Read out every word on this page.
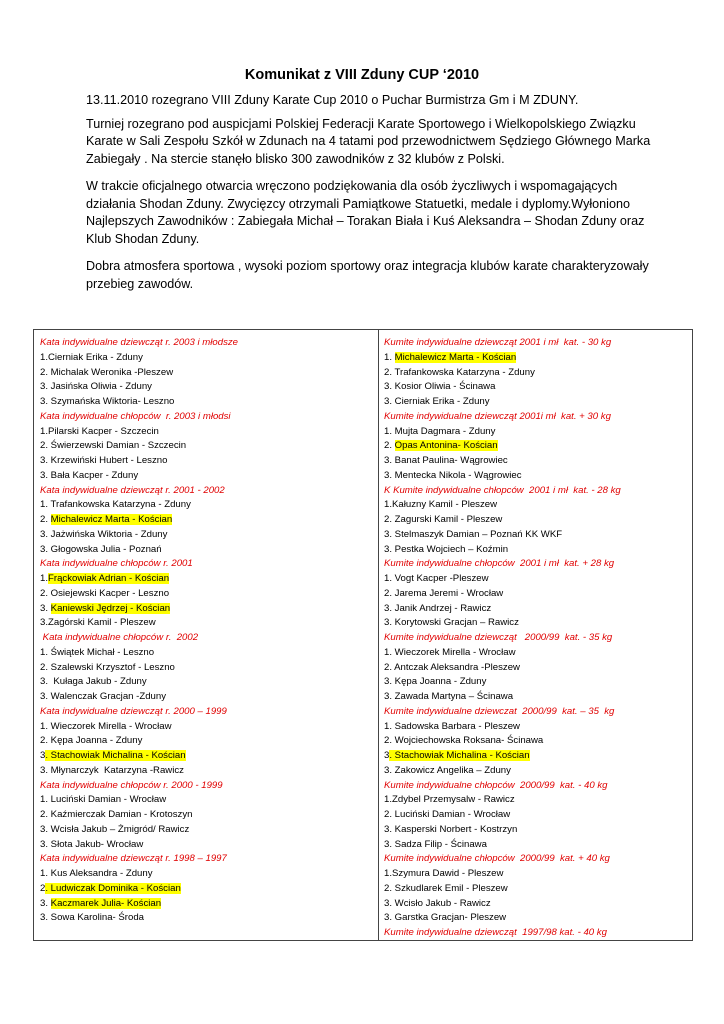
Komunikat z VIII Zduny CUP ‘2010

13.11.2010 rozegrano VIII Zduny Karate Cup 2010 o Puchar Burmistrza Gm i M ZDUNY.

Turniej rozegrano pod auspicjami Polskiej Federacji Karate Sportowego i Wielkopolskiego Związku Karate w Sali Zespołu Szkół w Zdunach na 4 tatami pod przewodnictwem Sędziego Głównego Marka Zabiegały . Na stercie stanęło blisko 300 zawodników z 32 klubów z Polski.

W trakcie oficjalnego otwarcia wręczono podziękowania dla osób życzliwych i wspomagających działania Shodan Zduny. Zwycięzcy otrzymali Pamiątkowe Statuetki, medale i dyplomy.Wyłoniono Najlepszych Zawodników : Zabiegała Michał – Torakan Biała i Kuś Aleksandra – Shodan Zduny oraz Klub Shodan Zduny.

Dobra atmosfera sportowa , wysoki poziom sportowy oraz integracja klubów karate charakteryzowały przebieg zawodów.

Kata indywidualne dziewcząt r. 2003 i młodsze
1.Cierniak Erika - Zduny
2. Michalak Weronika -Pleszew
3. Jasińska Oliwia - Zduny
3. Szymańska Wiktoria- Leszno
Kata indywidualne chłopców  r. 2003 i młodsi
1.Pilarski Kacper - Szczecin
2. Świerzewski Damian - Szczecin
3. Krzewiński Hubert - Leszno
3. Bała Kacper - Zduny
Kata indywidualne dziewcząt r. 2001 - 2002
1. Trafankowska Katarzyna - Zduny
2. Michalewicz Marta - Kościan
3. Jażwińska Wiktoria - Zduny
3. Głogowska Julia - Poznań
Kata indywidualne chłopców r. 2001
1.Frąckowiak Adrian - Kościan
2. Osiejewski Kacper - Leszno
3. Kaniewski Jędrzej - Kościan
3.Zagórski Kamil - Pleszew
Kata indywidualne chłopców r.  2002
1. Świątek Michał - Leszno
2. Szalewski Krzysztof - Leszno
3.  Kułaga Jakub - Zduny
3. Walenczak Gracjan -Zduny
Kata indywidualne dziewcząt r. 2000 – 1999
1. Wieczorek Mirella - Wrocław
2. Kępa Joanna - Zduny
3. Stachowiak Michalina - Kościan
3. Młynarczyk  Katarzyna -Rawicz
Kata indywidualne chłopców r. 2000 - 1999
1. Luciński Damian - Wrocław
2. Kaźmierczak Damian - Krotoszyn
3. Wcisła Jakub – Żmigród/ Rawicz
3. Słota Jakub- Wrocław
Kata indywidualne dziewcząt r. 1998 – 1997
1. Kus Aleksandra - Zduny
2. Ludwiczak Dominika - Kościan
3. Kaczmarek Julia- Kościan
3. Sowa Karolina- Środa
Kumite indywidualne dziewcząt 2001 i mł  kat. - 30 kg
1. Michalewicz Marta - Kościan
2. Trafankowska Katarzyna - Zduny
3. Kosior Oliwia - Ścinawa
3. Cierniak Erika - Zduny
Kumite indywidualne dziewcząt 2001i mł  kat. + 30 kg
1. Mujta Dagmara - Zduny
2. Opas Antonina- Kościan
3. Banat Paulina- Wągrowiec
3. Mentecka Nikola - Wągrowiec
K Kumite indywidualne chłopców  2001 i mł  kat. - 28 kg
1.Kałuzny Kamil - Pleszew
2. Zagurski Kamil - Pleszew
3. Stelmaszyk Damian – Poznań KK WKF
3. Pestka Wojciech – Koźmin
Kumite indywidualne chłopców  2001 i mł  kat. + 28 kg
1. Vogt Kacper -Pleszew
2. Jarema Jeremi - Wrocław
3. Janik Andrzej - Rawicz
3. Korytowski Gracjan – Rawicz
Kumite indywidualne dziewcząt   2000/99  kat. - 35 kg
1. Wieczorek Mirella - Wrocław
2. Antczak Aleksandra -Pleszew
3. Kępa Joanna - Zduny
3. Zawada Martyna – Ścinawa
Kumite indywidualne dziewczat  2000/99  kat. – 35  kg
1. Sadowska Barbara - Pleszew
2. Wojciechowska Roksana- Ścinawa
3. Stachowiak Michalina - Kościan
3. Zakowicz Angelika – Zduny
Kumite indywidualne chłopców  2000/99  kat. - 40 kg
1.Zdybel Przemysalw - Rawicz
2. Luciński Damian - Wrocław
3. Kasperski Norbert - Kostrzyn
3. Sadza Filip - Ścinawa
Kumite indywidualne chłopców  2000/99  kat. + 40 kg
1.Szymura Dawid - Pleszew
2. Szkudlarek Emil - Pleszew
3. Wcisło Jakub - Rawicz
3. Garstka Gracjan- Pleszew
Kumite indywidualne dziewcząt  1997/98 kat. - 40 kg
